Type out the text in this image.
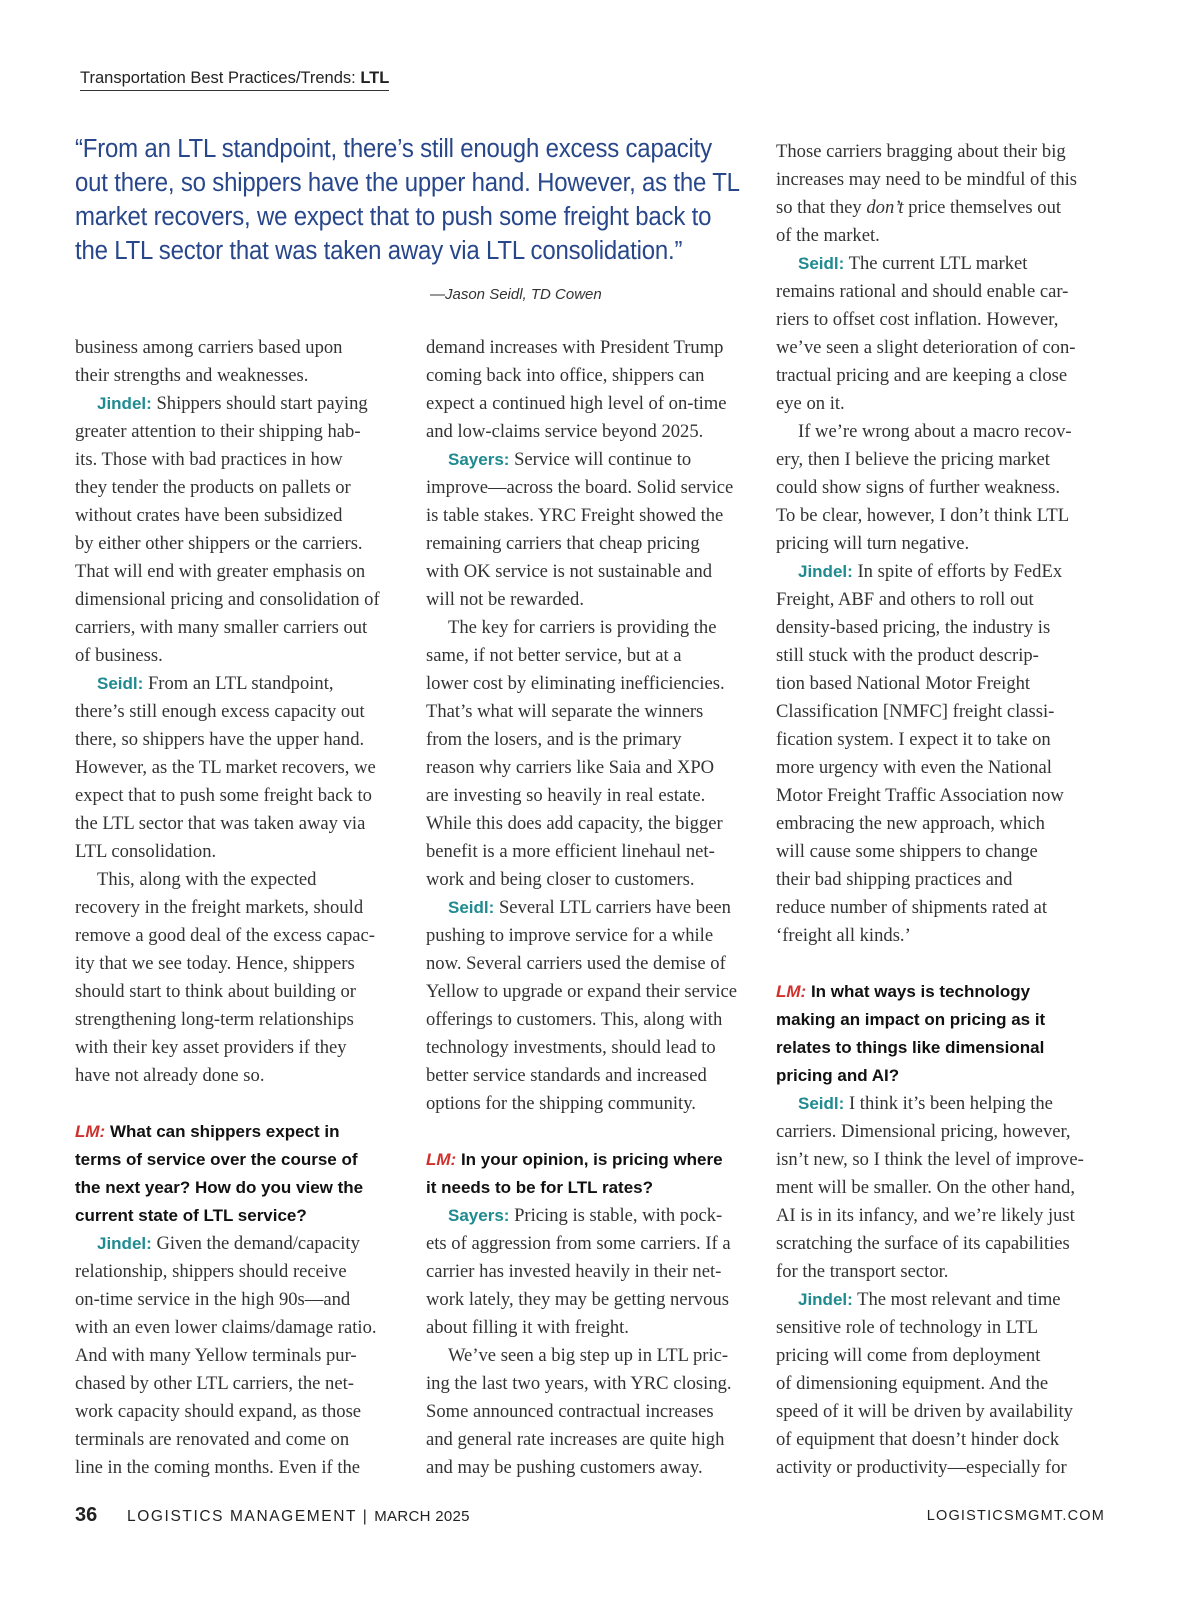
Transportation Best Practices/Trends: LTL
“From an LTL standpoint, there’s still enough excess capacity
out there, so shippers have the upper hand. However, as the TL
market recovers, we expect that to push some freight back to
the LTL sector that was taken away via LTL consolidation.”
—Jason Seidl, TD Cowen
business among carriers based upon
their strengths and weaknesses.
Jindel: Shippers should start paying
greater attention to their shipping hab-
its. Those with bad practices in how
they tender the products on pallets or
without crates have been subsidized
by either other shippers or the carriers.
That will end with greater emphasis on
dimensional pricing and consolidation of
carriers, with many smaller carriers out
of business.
Seidl: From an LTL standpoint,
there’s still enough excess capacity out
there, so shippers have the upper hand.
However, as the TL market recovers, we
expect that to push some freight back to
the LTL sector that was taken away via
LTL consolidation.
This, along with the expected
recovery in the freight markets, should
remove a good deal of the excess capac-
ity that we see today. Hence, shippers
should start to think about building or
strengthening long-term relationships
with their key asset providers if they
have not already done so.
LM: What can shippers expect in
terms of service over the course of
the next year? How do you view the
current state of LTL service?
Jindel: Given the demand/capacity
relationship, shippers should receive
on-time service in the high 90s—and
with an even lower claims/damage ratio.
And with many Yellow terminals pur-
chased by other LTL carriers, the net-
work capacity should expand, as those
terminals are renovated and come on
line in the coming months. Even if the
demand increases with President Trump
coming back into office, shippers can
expect a continued high level of on-time
and low-claims service beyond 2025.
Sayers: Service will continue to
improve—across the board. Solid service
is table stakes. YRC Freight showed the
remaining carriers that cheap pricing
with OK service is not sustainable and
will not be rewarded.
The key for carriers is providing the
same, if not better service, but at a
lower cost by eliminating inefficiencies.
That’s what will separate the winners
from the losers, and is the primary
reason why carriers like Saia and XPO
are investing so heavily in real estate.
While this does add capacity, the bigger
benefit is a more efficient linehaul net-
work and being closer to customers.
Seidl: Several LTL carriers have been
pushing to improve service for a while
now. Several carriers used the demise of
Yellow to upgrade or expand their service
offerings to customers. This, along with
technology investments, should lead to
better service standards and increased
options for the shipping community.
LM: In your opinion, is pricing where
it needs to be for LTL rates?
Sayers: Pricing is stable, with pock-
ets of aggression from some carriers. If a
carrier has invested heavily in their net-
work lately, they may be getting nervous
about filling it with freight.
We’ve seen a big step up in LTL pric-
ing the last two years, with YRC closing.
Some announced contractual increases
and general rate increases are quite high
and may be pushing customers away.
Those carriers bragging about their big
increases may need to be mindful of this
so that they don’t price themselves out
of the market.
Seidl: The current LTL market
remains rational and should enable car-
riers to offset cost inflation. However,
we’ve seen a slight deterioration of con-
tractual pricing and are keeping a close
eye on it.
If we’re wrong about a macro recov-
ery, then I believe the pricing market
could show signs of further weakness.
To be clear, however, I don’t think LTL
pricing will turn negative.
Jindel: In spite of efforts by FedEx
Freight, ABF and others to roll out
density-based pricing, the industry is
still stuck with the product descrip-
tion based National Motor Freight
Classification [NMFC] freight classi-
fication system. I expect it to take on
more urgency with even the National
Motor Freight Traffic Association now
embracing the new approach, which
will cause some shippers to change
their bad shipping practices and
reduce number of shipments rated at
‘freight all kinds.’
LM: In what ways is technology
making an impact on pricing as it
relates to things like dimensional
pricing and AI?
Seidl: I think it’s been helping the
carriers. Dimensional pricing, however,
isn’t new, so I think the level of improve-
ment will be smaller. On the other hand,
AI is in its infancy, and we’re likely just
scratching the surface of its capabilities
for the transport sector.
Jindel: The most relevant and time
sensitive role of technology in LTL
pricing will come from deployment
of dimensioning equipment. And the
speed of it will be driven by availability
of equipment that doesn’t hinder dock
activity or productivity—especially for
36 LOGISTICS MANAGEMENT | MARCH 2025	LOGISTICSMGMT.COM
